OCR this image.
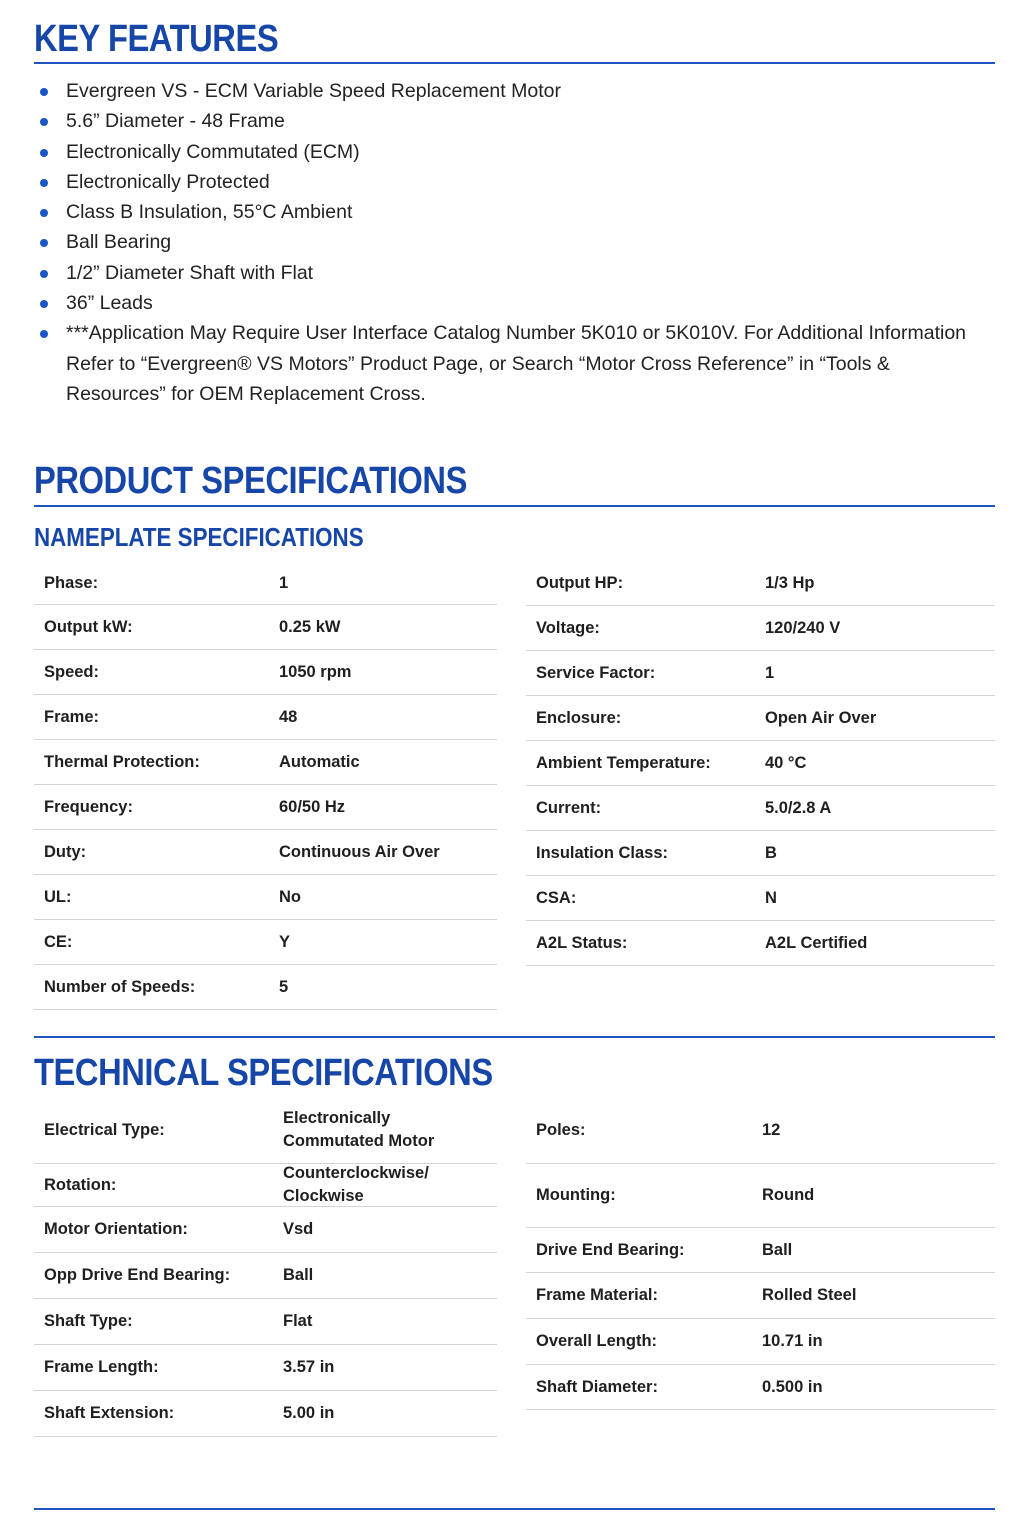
KEY FEATURES
Evergreen VS - ECM Variable Speed Replacement Motor
5.6” Diameter - 48 Frame
Electronically Commutated (ECM)
Electronically Protected
Class B Insulation, 55°C Ambient
Ball Bearing
1/2” Diameter Shaft with Flat
36” Leads
***Application May Require User Interface Catalog Number 5K010 or 5K010V. For Additional Information Refer to “Evergreen® VS Motors” Product Page, or Search “Motor Cross Reference” in “Tools & Resources” for OEM Replacement Cross.
PRODUCT SPECIFICATIONS
NAMEPLATE SPECIFICATIONS
Phase:	1
Output kW:	0.25 kW
Speed:	1050 rpm
Frame:	48
Thermal Protection:	Automatic
Frequency:	60/50 Hz
Duty:	Continuous Air Over
UL:	No
CE:	Y
Number of Speeds:	5
Output HP:	1/3 Hp
Voltage:	120/240 V
Service Factor:	1
Enclosure:	Open Air Over
Ambient Temperature:	40 °C
Current:	5.0/2.8 A
Insulation Class:	B
CSA:	N
A2L Status:	A2L Certified
TECHNICAL SPECIFICATIONS
Electrical Type:
Electronically
Commutated Motor
Rotation:
Counterclockwise/
Clockwise
Motor Orientation:	Vsd
Opp Drive End Bearing:	Ball
Shaft Type:	Flat
Frame Length:	3.57 in
Shaft Extension:	5.00 in
Poles:	12
Mounting:	Round
Drive End Bearing:	Ball
Frame Material:	Rolled Steel
Overall Length:	10.71 in
Shaft Diameter:	0.500 in
